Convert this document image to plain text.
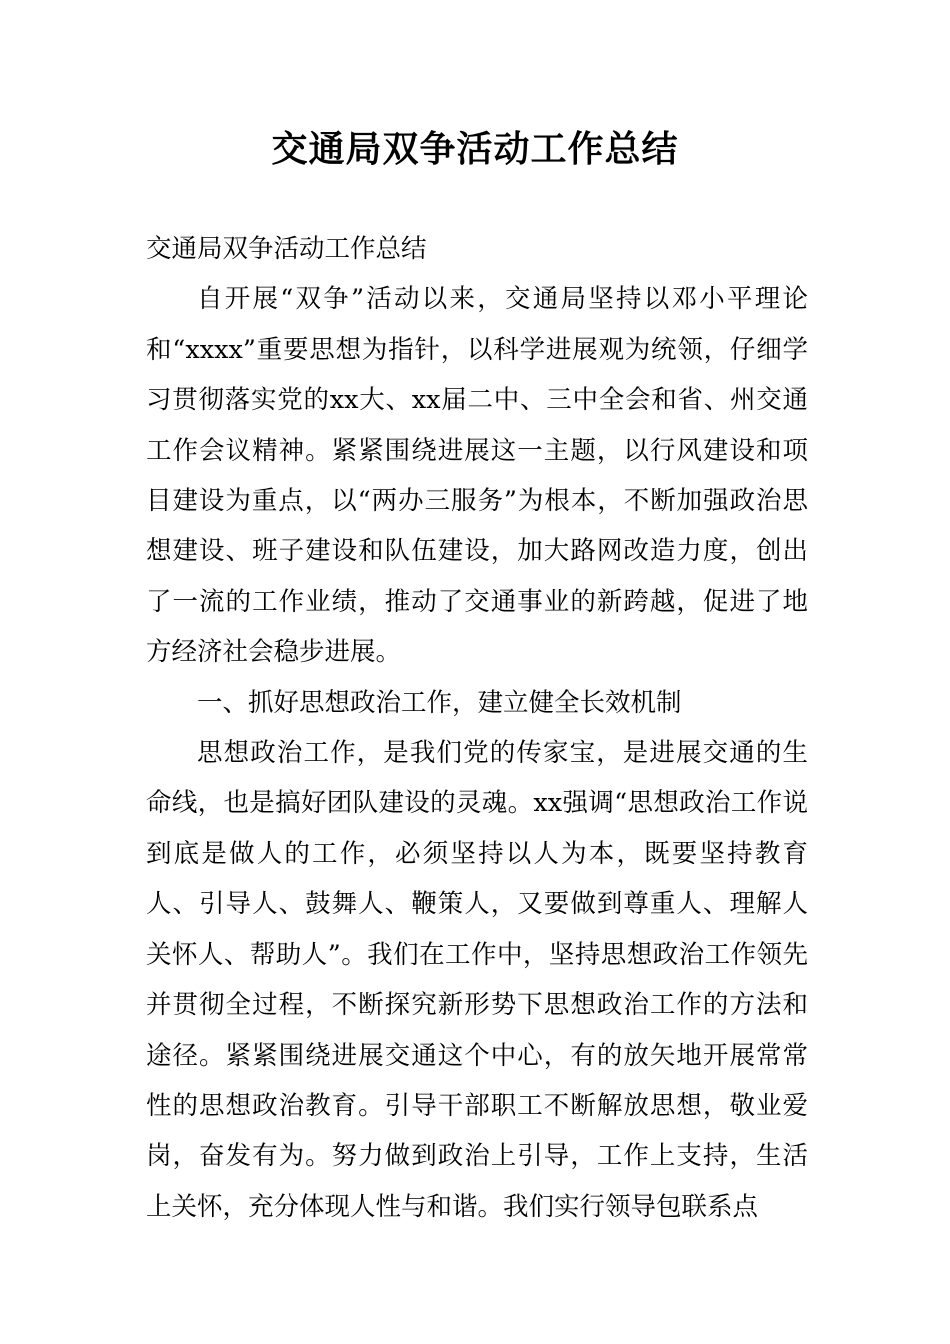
交通局双争活动工作总结

交通局双争活动工作总结

自开展“双争”活动以来，交通局坚持以邓小平理论和“xxxx”重要思想为指针，以科学进展观为统领，仔细学习贯彻落实党的xx大、xx届二中、三中全会和省、州交通工作会议精神。紧紧围绕进展这一主题，以行风建设和项目建设为重点，以“两办三服务”为根本，不断加强政治思想建设、班子建设和队伍建设，加大路网改造力度，创出了一流的工作业绩，推动了交通事业的新跨越，促进了地方经济社会稳步进展。

一、抓好思想政治工作，建立健全长效机制

思想政治工作，是我们党的传家宝，是进展交通的生命线，也是搞好团队建设的灵魂。xx强调“思想政治工作说到底是做人的工作，必须坚持以人为本，既要坚持教育人、引导人、鼓舞人、鞭策人，又要做到尊重人、理解人关怀人、帮助人”。我们在工作中，坚持思想政治工作领先并贯彻全过程，不断探究新形势下思想政治工作的方法和途径。紧紧围绕进展交通这个中心，有的放矢地开展常常性的思想政治教育。引导干部职工不断解放思想，敬业爱岗，奋发有为。努力做到政治上引导，工作上支持，生活上关怀，充分体现人性与和谐。我们实行领导包联系点
